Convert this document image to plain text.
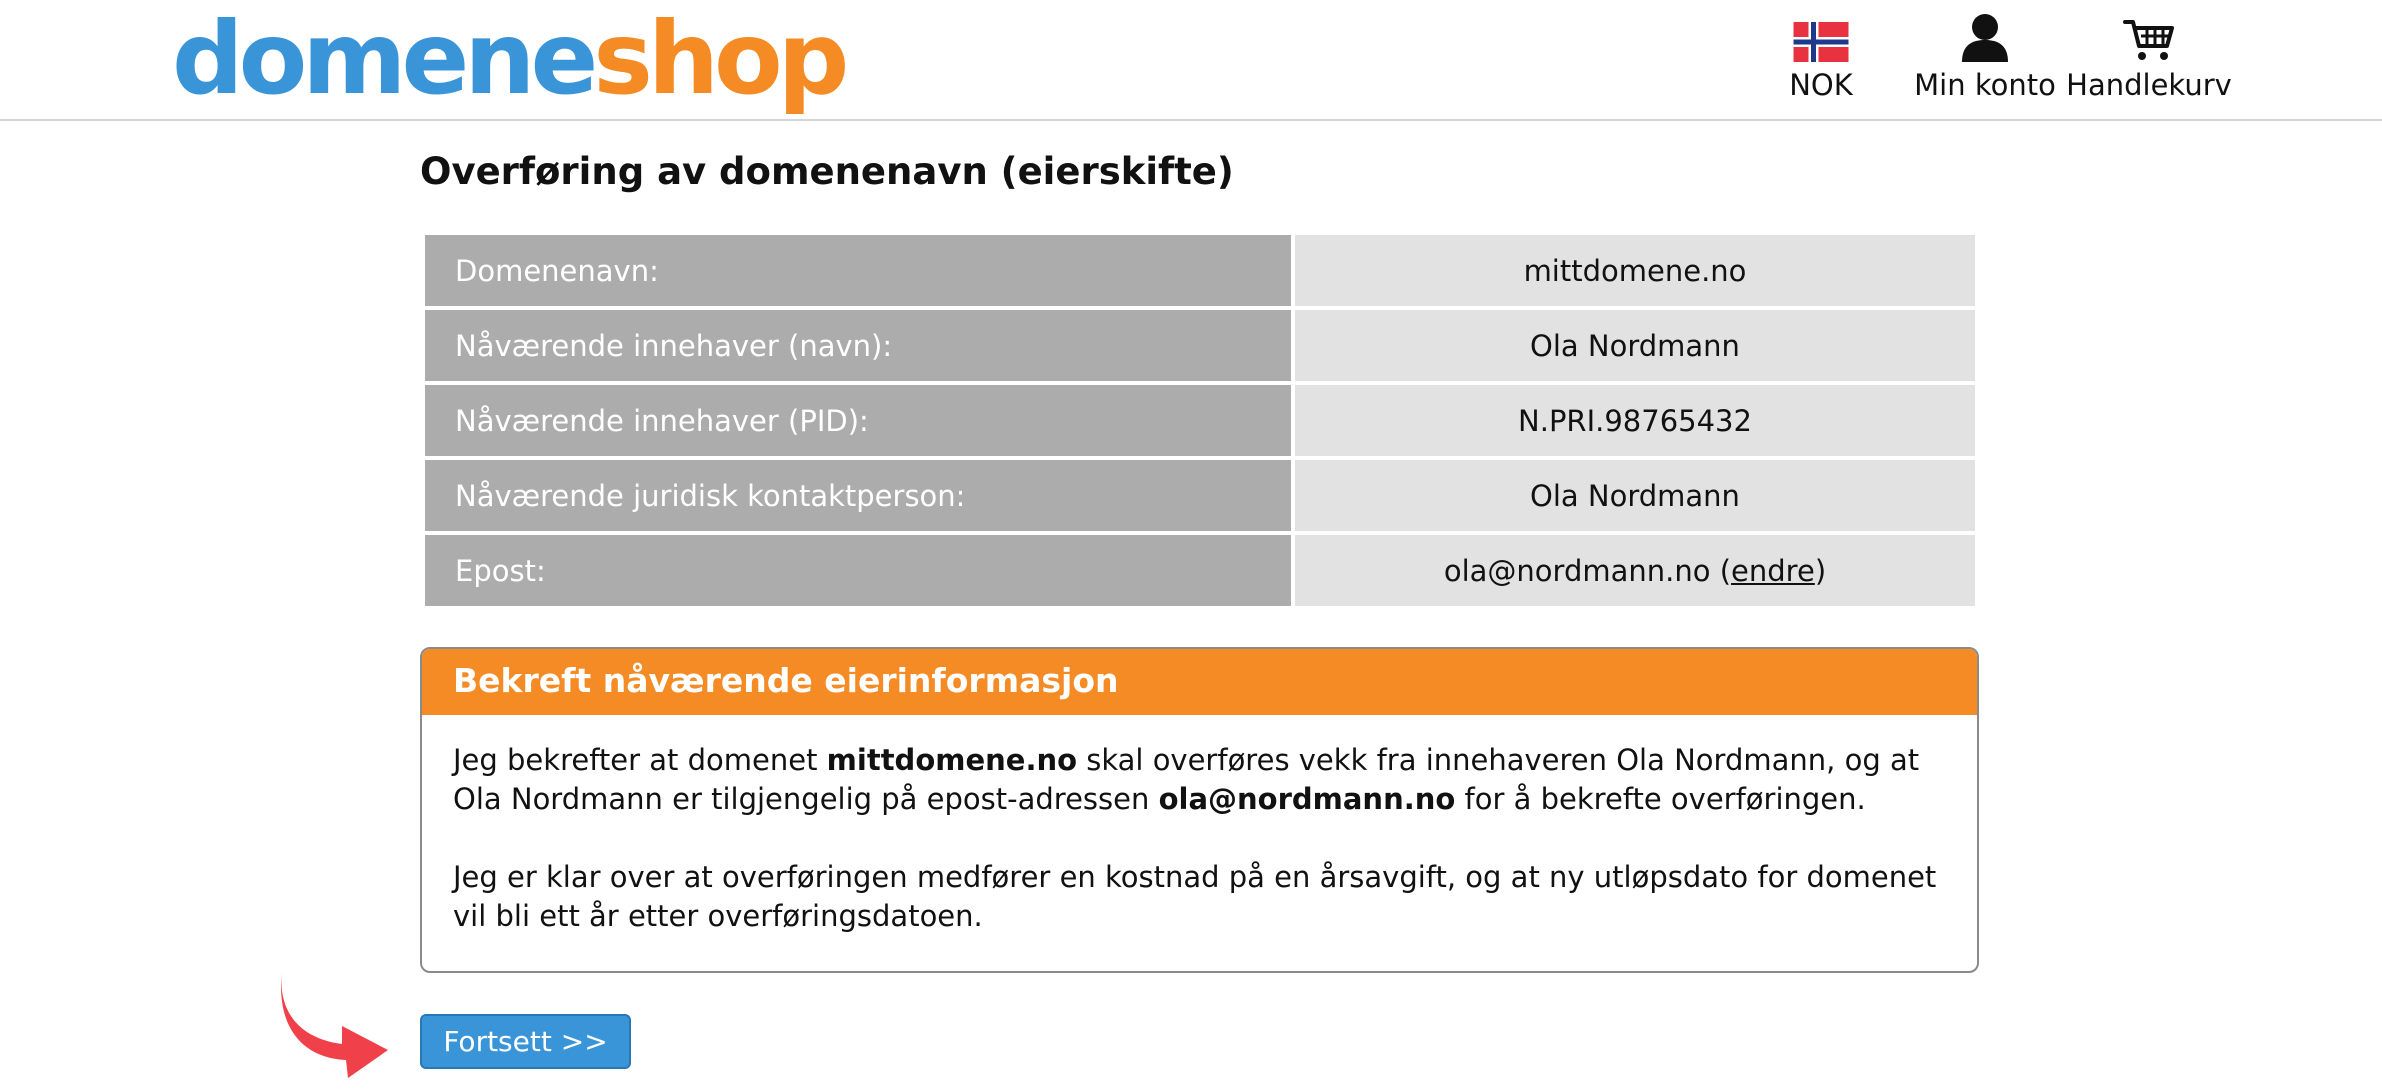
domeneshop	NOK Min konto Handlekurv
Overføring av domenenavn (eierskifte)
Domenenavn:	mittdomene.no
Nåværende innehaver (navn):	Ola Nordmann
Nåværende innehaver (PID):	N.PRI.98765432
Nåværende juridisk kontaktperson:	Ola Nordmann
Epost:	ola@nordmann.no (endre)
Bekreft nåværende eierinformasjon

Jeg bekrefter at domenet mittdomene.no skal overføres vekk fra innehaveren Ola Nordmann, og at Ola Nordmann er tilgjengelig på epost-adressen ola@nordmann.no for å bekrefte overføringen.

Jeg er klar over at overføringen medfører en kostnad på en årsavgift, og at ny utløpsdato for domenet vil bli ett år etter overføringsdatoen.

Fortsett >>
